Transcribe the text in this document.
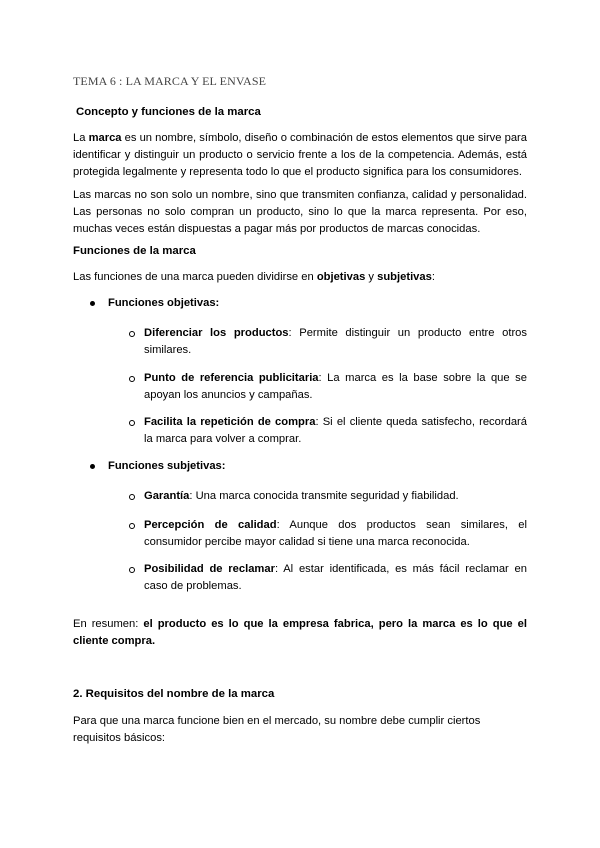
TEMA 6 : LA MARCA Y EL ENVASE
Concepto y funciones de la marca

La marca es un nombre, símbolo, diseño o combinación de estos elementos que sirve para identificar y distinguir un producto o servicio frente a los de la competencia. Además, está protegida legalmente y representa todo lo que el producto significa para los consumidores.

Las marcas no son solo un nombre, sino que transmiten confianza, calidad y personalidad. Las personas no solo compran un producto, sino lo que la marca representa. Por eso, muchas veces están dispuestas a pagar más por productos de marcas conocidas.

Funciones de la marca

Las funciones de una marca pueden dividirse en objetivas y subjetivas:

Funciones objetivas:

Diferenciar los productos: Permite distinguir un producto entre otros similares.

Punto de referencia publicitaria: La marca es la base sobre la que se apoyan los anuncios y campañas.

Facilita la repetición de compra: Si el cliente queda satisfecho, recordará la marca para volver a comprar.

Funciones subjetivas:

Garantía: Una marca conocida transmite seguridad y fiabilidad.

Percepción de calidad: Aunque dos productos sean similares, el consumidor percibe mayor calidad si tiene una marca reconocida.

Posibilidad de reclamar: Al estar identificada, es más fácil reclamar en caso de problemas.

En resumen: el producto es lo que la empresa fabrica, pero la marca es lo que el cliente compra.

2. Requisitos del nombre de la marca

Para que una marca funcione bien en el mercado, su nombre debe cumplir ciertos requisitos básicos:
